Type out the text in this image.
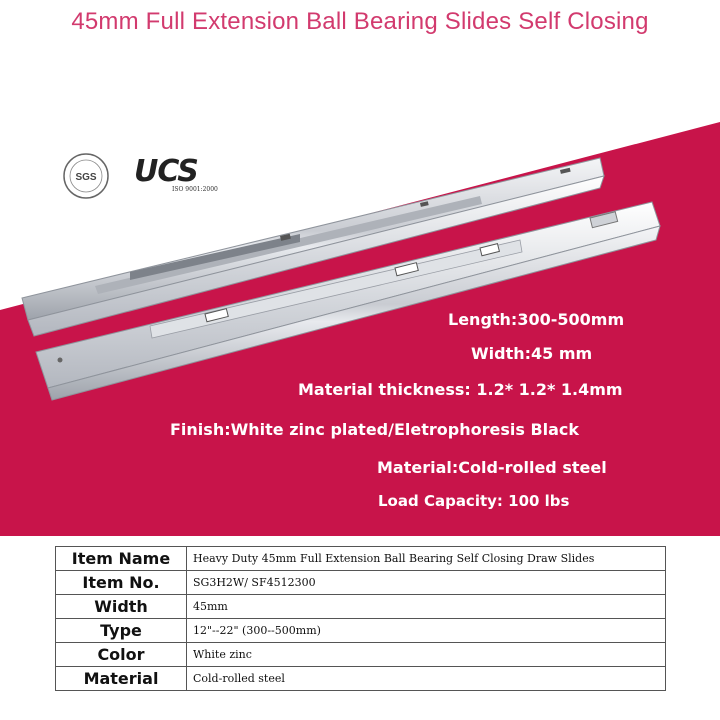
45mm Full Extension Ball Bearing Slides Self Closing
SGS UCS
ISO 9001:2000
Length:300-500mm
Width:45 mm
Material thickness: 1.2* 1.2* 1.4mm
Finish:White zinc plated/Eletrophoresis Black
Material:Cold-rolled steel
Load Capacity: 100 lbs
Item Name	Heavy Duty 45mm Full Extension Ball Bearing Self Closing Draw Slides
Item No.	SG3H2W/ SF4512300
Width	45mm
Type	12"--22" (300--500mm)
Color	White zinc
Material	Cold-rolled steel
